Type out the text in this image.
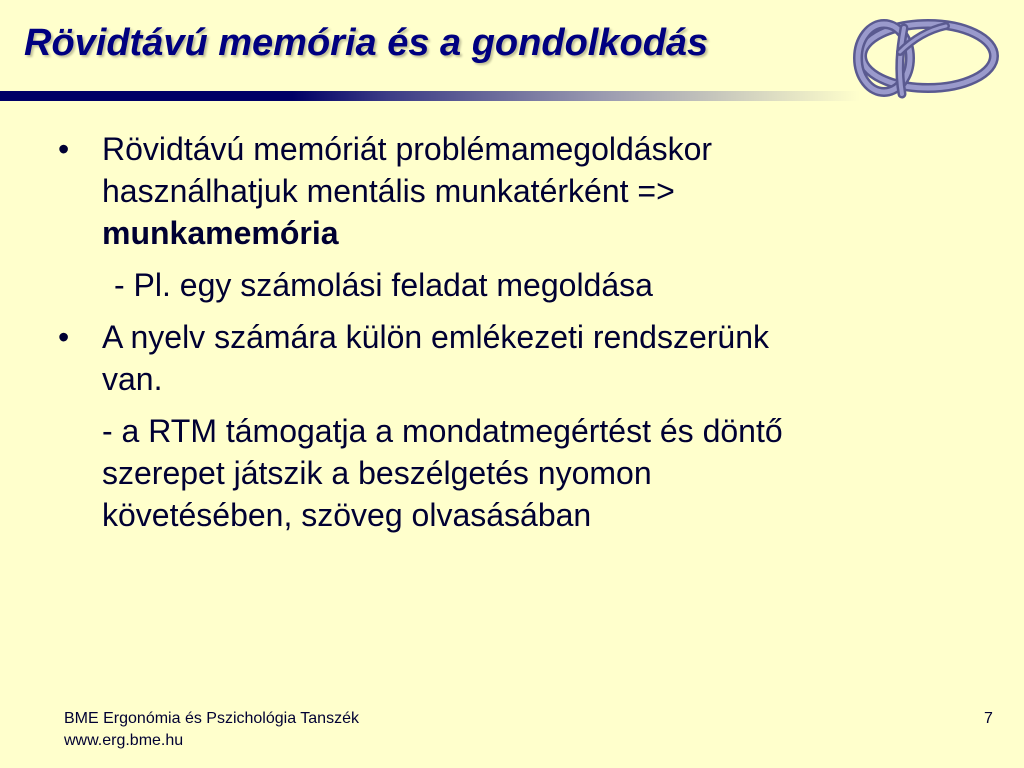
Rövidtávú memória és a gondolkodás
• Rövidtávú memóriát problémamegoldáskor
használhatjuk mentális munkatérként =>
munkamemória
- Pl. egy számolási feladat megoldása
• A nyelv számára külön emlékezeti rendszerünk
van.
- a RTM támogatja a mondatmegértést és döntő
szerepet játszik a beszélgetés nyomon
követésében, szöveg olvasásában
BME Ergonómia és Pszichológia Tanszék
www.erg.bme.hu
7
